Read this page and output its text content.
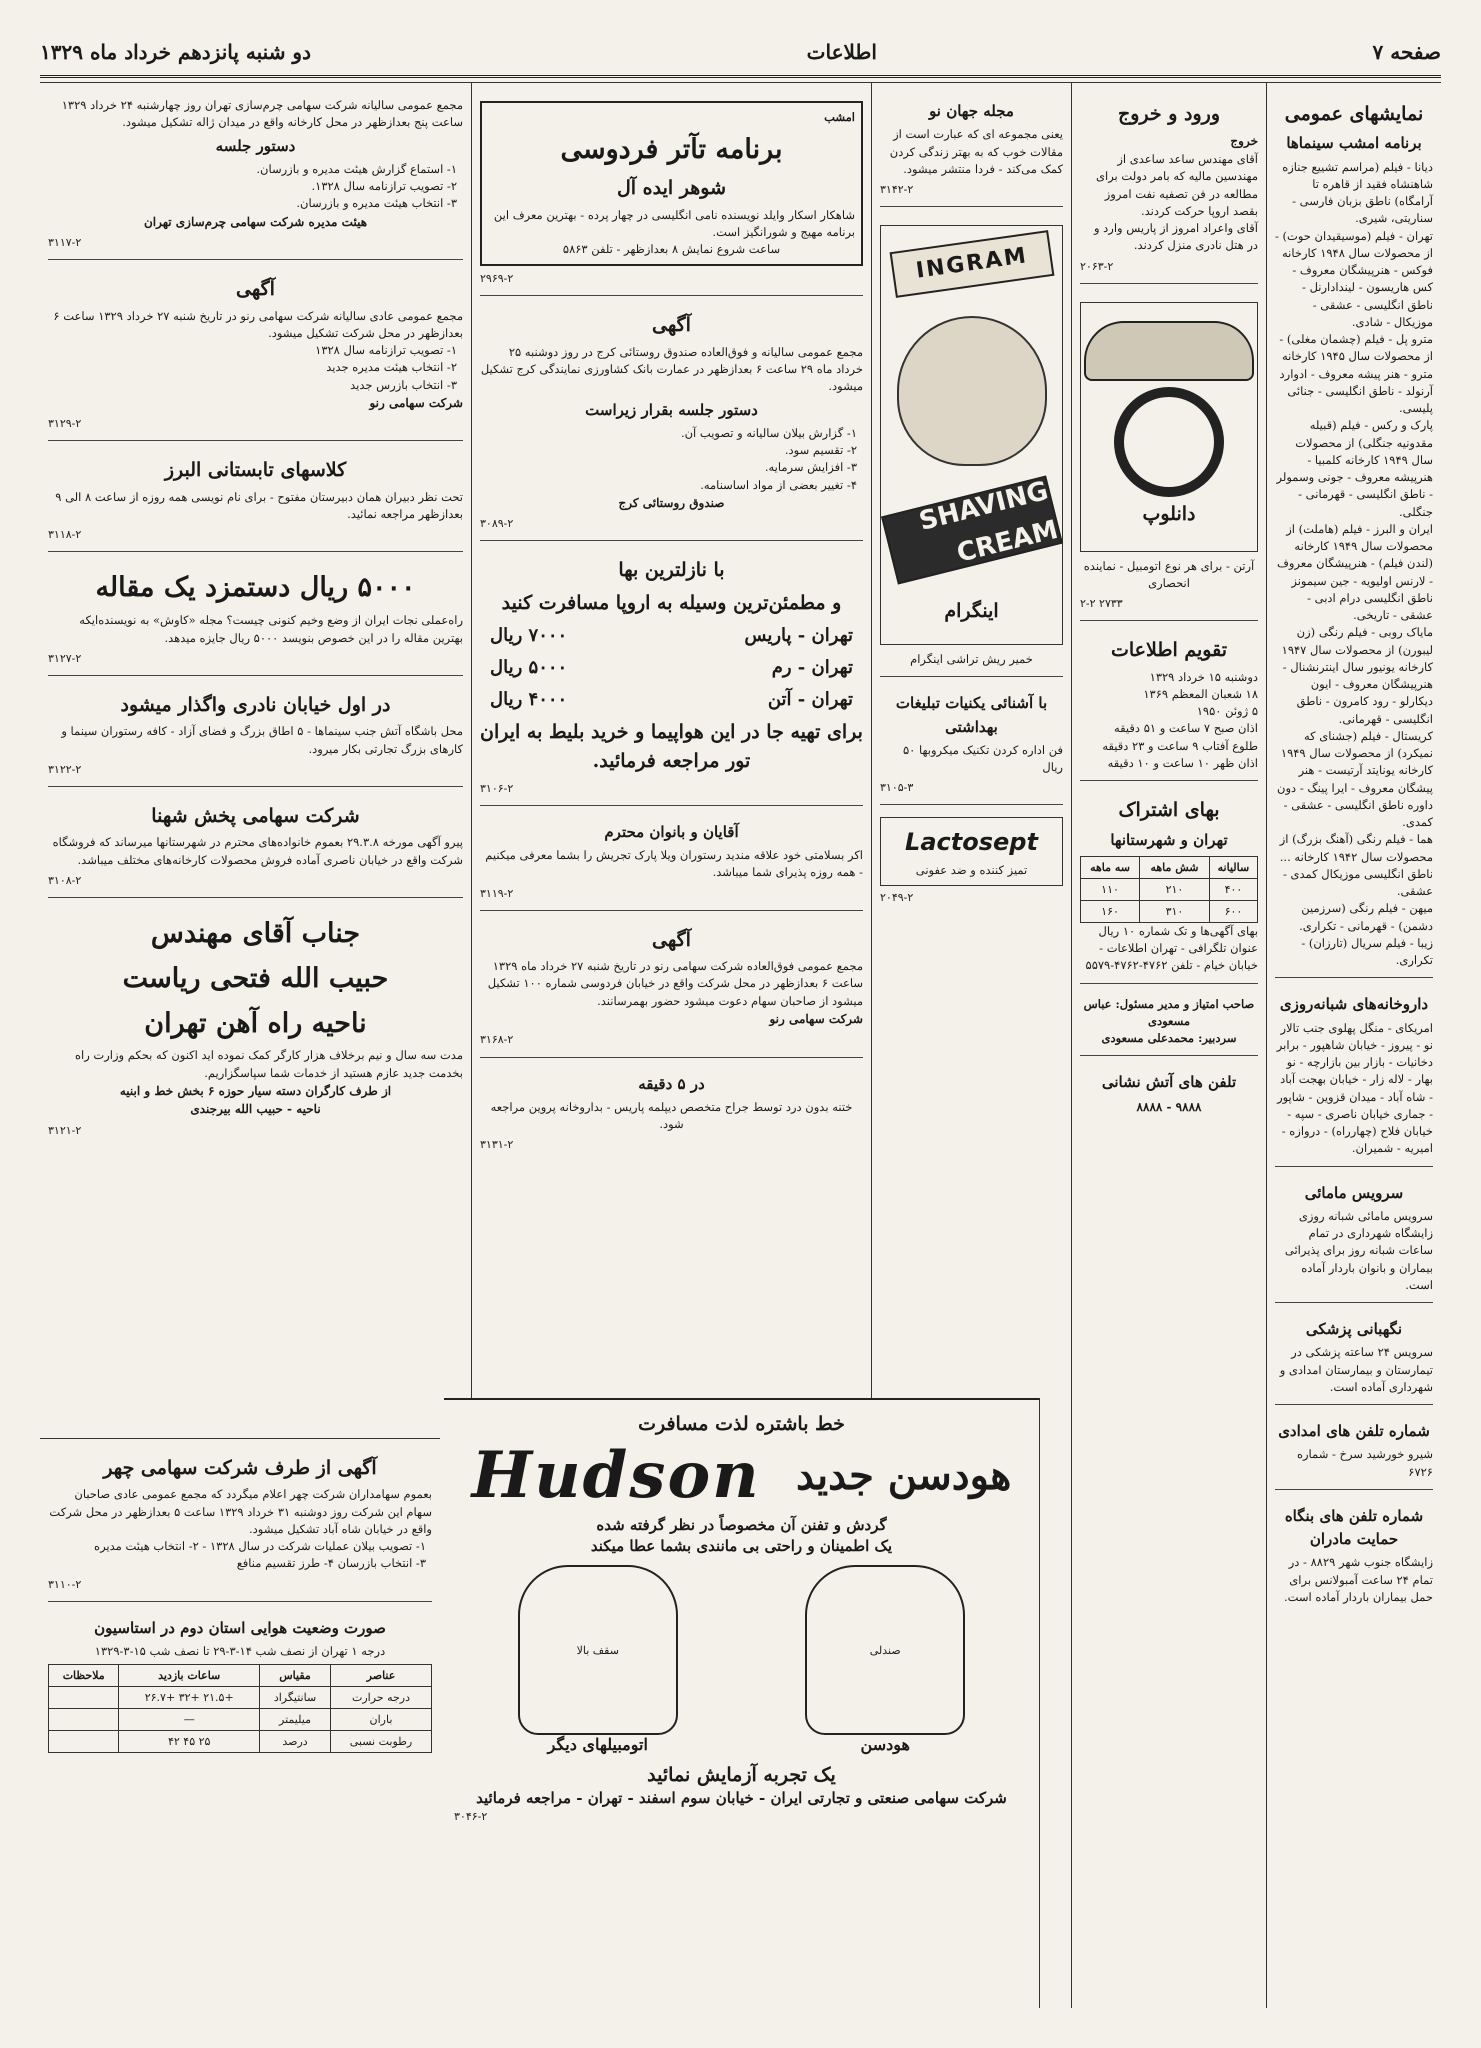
صفحه ۷
اطلاعات
دو شنبه پانزدهم خرداد ماه ۱۳۲۹
نمایشهای عمومی
برنامه امشب سینماها

دیانا - فیلم (مراسم تشییع جنازه شاهنشاه فقید از قاهره تا آرامگاه) ناطق بزبان فارسی - سناریتی، شیری.

تهران - فیلم (موسیقیدان حوت) - از محصولات سال ۱۹۴۸ کارخانه فوکس - هنرپیشگان معروف - کس هاریسون - لیندادارنل - ناطق انگلیسی - عشقی - موزیکال - شادی.

مترو پل - فیلم (چشمان مغلی) - از محصولات سال ۱۹۴۵ کارخانه مترو - هنر پیشه معروف - ادوارد آرنولد - ناطق انگلیسی - جنائی پلیسی.

پارک و رکس - فیلم (قبیله مقدونیه جنگلی) از محصولات سال ۱۹۴۹ کارخانه کلمبیا - هنرپیشه معروف - جونی وسمولر - ناطق انگلیسی - قهرمانی - جنگلی.

ایران و البرز - فیلم (هاملت) از محصولات سال ۱۹۴۹ کارخانه (لندن فیلم) - هنرپیشگان معروف - لارنس اولیویه - جین سیمونز ناطق انگلیسی درام ادبی - عشقی - تاریخی.

مایاک روبی - فیلم رنگی (زن لیبورن) از محصولات سال ۱۹۴۷ کارخانه یونیور سال اینترنشنال - هنرپیشگان معروف - ایون دیکارلو - رود کامرون - ناطق انگلیسی - قهرمانی.

کریستال - فیلم (جشنای که نمیکرد) از محصولات سال ۱۹۴۹ کارخانه یونایتد آرتیست - هنر پیشگان معروف - ایرا پینگ - دون داوره ناطق انگلیسی - عشقی - کمدی.

هما - فیلم رنگی (آهنگ بزرگ) از محصولات سال ۱۹۴۲ کارخانه ... ناطق انگلیسی موزیکال کمدی - عشقی.

میهن - فیلم رنگی (سرزمین دشمن) - قهرمانی - تکراری.

زیبا - فیلم سریال (تارزان) - تکراری.

داروخانه‌های شبانه‌روزی

امریکای - منگل پهلوی جنب تالار نو - پیروز - خیابان شاهپور - برابر دخانیات - بازار بین بازارچه - نو بهار - لاله زار - خیابان بهجت آباد - شاه آباد - میدان قزوین - شاپور - جماری خیابان ناصری - سپه - خیابان فلاح (چهارراه) - دروازه - امیریه - شمیران.

سرویس مامائی

سرویس مامائی شبانه روزی زایشگاه شهرداری در تمام ساعات شبانه روز برای پذیرائی بیماران و بانوان باردار آماده است.

نگهبانی پزشکی

سرویس ۲۴ ساعته پزشکی در تیمارستان و بیمارستان امدادی و شهرداری آماده است.

شماره تلفن های امدادی

شیرو خورشید سرخ - شماره ۶۷۲۶

شماره تلفن های بنگاه حمایت مادران

زایشگاه جنوب شهر ۸۸۲۹ - در تمام ۲۴ ساعت آمبولانس برای حمل بیماران باردار آماده است.

ورود و خروج
خروج

آقای مهندس ساعد ساعدی از مهندسین مالیه که بامر دولت برای مطالعه در فن تصفیه نفت امروز بقصد اروپا حرکت کردند.

آقای واعراد امروز از پاریس وارد و در هتل نادری منزل کردند.

۲۰۶۳-۲
دانلوپ

آرتن - برای هر نوع اتومبیل - نماینده انحصاری

۲-۲ ۲۷۳۳
تقویم اطلاعات
دوشنبه ۱۵ خرداد ۱۳۲۹
۱۸ شعبان المعظم ۱۳۶۹
۵ ژوئن ۱۹۵۰
اذان صبح ۷ ساعت و ۵۱ دقیقه
طلوع آفتاب ۹ ساعت و ۲۳ دقیقه
اذان ظهر ۱۰ ساعت و ۱۰ دقیقه
بهای اشتراک
تهران و شهرستانها
سالیانه	شش ماهه	سه ماهه
۴۰۰	۲۱۰	۱۱۰
۶۰۰	۳۱۰	۱۶۰

بهای آگهی‌ها و تک شماره ۱۰ ریال

عنوان تلگرافی - تهران اطلاعات - خیابان خیام - تلفن ۴۷۶۲-۴۷۶۲-۵۵۷۹

صاحب امتیاز و مدیر مسئول: عباس مسعودی

سردبیر: محمدعلی مسعودی

تلفن های آتش نشانی
۹۸۸۸ - ۸۸۸۸
مجله جهان نو

یعنی مجموعه ای که عبارت است از مقالات خوب که به بهتر زندگی کردن کمک می‌کند - فردا منتشر میشود.

۳۱۴۲-۲
INGRAM
SHAVING CREAM
اینگرام

خمیر ریش تراشی اینگرام

با آشنائی یکنیات تبلیغات بهداشتی

فن اداره کردن تکنیک میکروبها ۵۰ ریال

۳۱۰۵-۳
Lactosept

تمیز کننده و ضد عفونی

۲۰۴۹-۲
امشب
برنامه تآتر فردوسی
شوهر ایده آل

شاهکار اسکار وایلد نویسنده نامی انگلیسی در چهار پرده - بهترین معرف این برنامه مهیج و شورانگیز است.

ساعت شروع نمایش ۸ بعدازظهر - تلفن ۵۸۶۳

۲۹۶۹-۲
آگهی

مجمع عمومی سالیانه و فوق‌العاده صندوق روستائی کرج در روز دوشنبه ۲۵ خرداد ماه ۲۹ ساعت ۶ بعدازظهر در عمارت بانک کشاورزی نمایندگی کرج تشکیل میشود.

دستور جلسه بقرار زیراست
۱- گزارش بیلان سالیانه و تصویب آن.
۲- تقسیم سود.
۳- افزایش سرمایه.
۴- تغییر بعضی از مواد اساسنامه.
صندوق روستائی کرج
۳۰۸۹-۲
با نازلترین بها
و مطمئن‌ترین وسیله به اروپا مسافرت کنید
تهران - پاریس
۷۰۰۰ ریال
تهران - رم
۵۰۰۰ ریال
تهران - آتن
۴۰۰۰ ریال
برای تهیه جا در این هواپیما و خرید بلیط به ایران تور مراجعه فرمائید.
۳۱۰۶-۲
آقایان و بانوان محترم

اکر بسلامتی خود علاقه مندید رستوران ویلا پارک تجریش را بشما معرفی میکنیم - همه روزه پذیرای شما میباشد.

۳۱۱۹-۲
آگهی

مجمع عمومی فوق‌العاده شرکت سهامی رنو در تاریخ شنبه ۲۷ خرداد ماه ۱۳۲۹ ساعت ۶ بعدازظهر در محل شرکت واقع در خیابان فردوسی شماره ۱۰۰ تشکیل میشود از صاحبان سهام دعوت میشود حضور بهمرسانند.

شرکت سهامی رنو
۳۱۶۸-۲
در ۵ دقیقه

ختنه بدون درد توسط جراح متخصص دیپلمه پاریس - بداروخانه پروین مراجعه شود.

۳۱۳۱-۲

مجمع عمومی سالیانه شرکت سهامی چرم‌سازی تهران روز چهارشنبه ۲۴ خرداد ۱۳۲۹ ساعت پنج بعدازظهر در محل کارخانه واقع در میدان ژاله تشکیل میشود.

دستور جلسه
۱- استماع گزارش هیئت مدیره و بازرسان.
۲- تصویب ترازنامه سال ۱۳۲۸.
۳- انتخاب هیئت مدیره و بازرسان.
هیئت مدیره شرکت سهامی چرم‌سازی تهران
۳۱۱۷-۲
آگهی

مجمع عمومی عادی سالیانه شرکت سهامی رنو در تاریخ شنبه ۲۷ خرداد ۱۳۲۹ ساعت ۶ بعدازظهر در محل شرکت تشکیل میشود.

۱- تصویب ترازنامه سال ۱۳۲۸
۲- انتخاب هیئت مدیره جدید
۳- انتخاب بازرس جدید
شرکت سهامی رنو
۳۱۲۹-۲
کلاسهای تابستانی البرز

تحت نظر دبیران همان دبیرستان مفتوح - برای نام نویسی همه روزه از ساعت ۸ الی ۹ بعدازظهر مراجعه نمائید.

۳۱۱۸-۲
۵۰۰۰ ریال دستمزد یک مقاله

راه‌عملی نجات ایران از وضع وخیم کنونی چیست؟ مجله «کاوش» به نویسنده‌ایکه بهترین مقاله را در این خصوص بنویسد ۵۰۰۰ ریال جایزه میدهد.

۳۱۲۷-۲
در اول خیابان نادری واگذار میشود

محل باشگاه آتش جنب سینماها - ۵ اطاق بزرگ و فضای آزاد - کافه رستوران سینما و کارهای بزرگ تجارتی بکار میرود.

۳۱۲۲-۲
شرکت سهامی پخش شهنا

پیرو آگهی مورخه ۲۹.۳.۸ بعموم خانواده‌های محترم در شهرستانها میرساند که فروشگاه شرکت واقع در خیابان ناصری آماده فروش محصولات کارخانه‌های مختلف میباشد.

۳۱۰۸-۲
جناب آقای مهندس
حبیب الله فتحی ریاست
ناحیه راه آهن تهران

مدت سه سال و نیم برخلاف هزار کارگر کمک نموده اید اکنون که بحکم وزارت راه بخدمت جدید عازم هستید از خدمات شما سپاسگزاریم.

از طرف کارگران دسته سیار حوزه ۶ بخش خط و ابنیه
ناحیه - حبیب الله بیرجندی
۳۱۲۱-۲
خط باشتره لذت مسافرت
هودسن جدید
Hudson
گردش و تفنن آن مخصوصاً در نظر گرفته شده
یک اطمینان و راحتی بی مانندی بشما عطا میکند
سقف بالا
اتومبیلهای دیگر
صندلی
هودسن
یک تجربه آزمایش نمائید
شرکت سهامی صنعتی و تجارتی ایران - خیابان سوم اسفند - تهران - مراجعه فرمائید
۳۰۴۶-۲
آگهی از طرف شرکت سهامی چهر

بعموم سهامداران شرکت چهر اعلام میگردد که مجمع عمومی عادی صاحبان سهام این شرکت روز دوشنبه ۳۱ خرداد ۱۳۲۹ ساعت ۵ بعدازظهر در محل شرکت واقع در خیابان شاه آباد تشکیل میشود.

۱- تصویب بیلان عملیات شرکت در سال ۱۳۲۸ - ۲- انتخاب هیئت مدیره
۳- انتخاب بازرسان ۴- طرز تقسیم منافع
۳۱۱۰-۲
صورت وضعیت هوایی استان دوم در استاسیون
درجه ۱ تهران از نصف شب ۱۴-۳-۲۹ تا نصف شب ۱۵-۳-۱۳۲۹
عناصر	مقیاس	ساعات بازدید	ملاحظات
درجه حرارت	سانتیگراد	+۲۱.۵ +۳۲ +۲۶.۷	
باران	میلیمتر	—	
رطوبت نسبی	درصد	۲۵ ۴۵ ۴۲	
